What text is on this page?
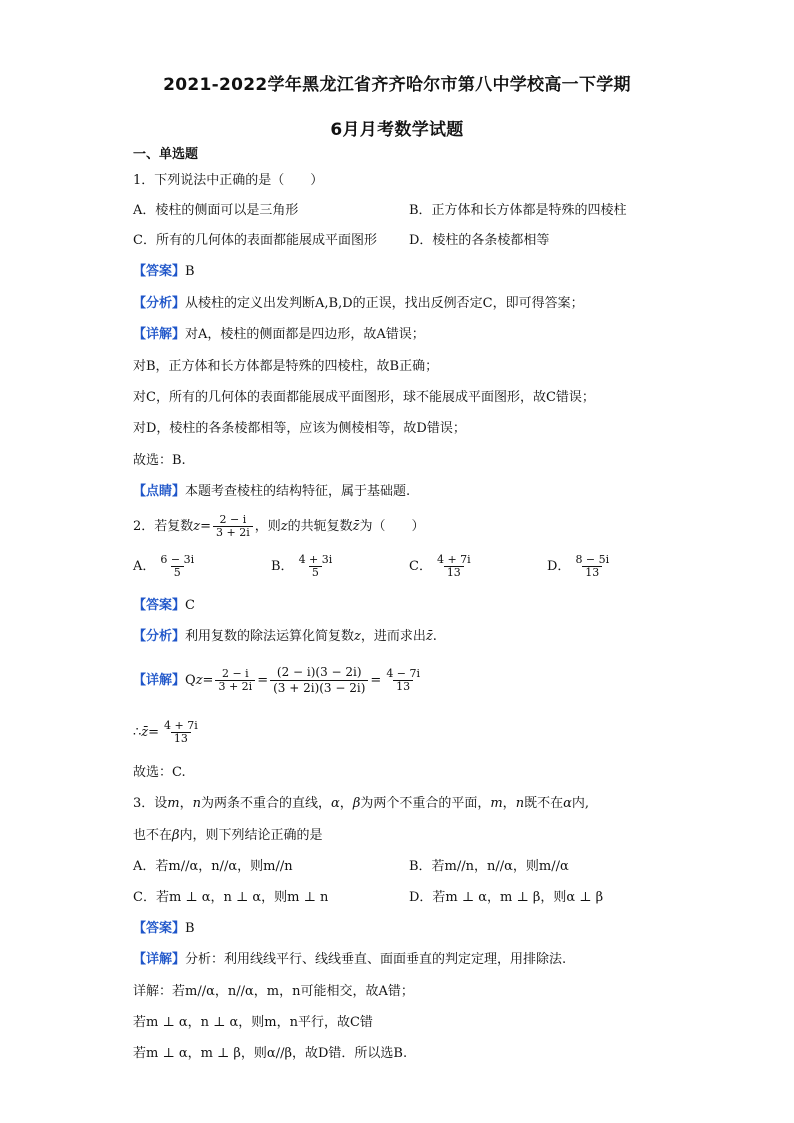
2021-2022学年黑龙江省齐齐哈尔市第八中学校高一下学期
6月月考数学试题
一、单选题
1．下列说法中正确的是（　　）
A．棱柱的侧面可以是三角形	B．正方体和长方体都是特殊的四棱柱
C．所有的几何体的表面都能展成平面图形 D．棱柱的各条棱都相等
【答案】B
【分析】从棱柱的定义出发判断A,B,D的正误，找出反例否定C，即可得答案；
【详解】对A，棱柱的侧面都是四边形，故A错误；
对B，正方体和长方体都是特殊的四棱柱，故B正确；
对C，所有的几何体的表面都能展成平面图形，球不能展成平面图形，故C错误；
对D，棱柱的各条棱都相等，应该为侧棱相等，故D错误；
故选：B.
【点睛】本题考查棱柱的结构特征，属于基础题.
2．若复数$z= \frac{2 - i}{3 + 2i}$ ，则z的共轭复数z̄为（　　）
A． $\frac{6 - 3i}{5}$	B． $\frac{4 + 3i}{5}$	C． $\frac{4 + 7i}{13}$	D． $\frac{8 - 5i}{13}$
【答案】C
【分析】利用复数的除法运算化简复数z，进而求出z̄.
【详解】$Qz= \frac{2 - i}{3 + 2i} = \frac{(2 - i)(3 - 2i)}{(3 + 2i)(3 - 2i)} = \frac{4 - 7i}{13}$
∴z̄= $\frac{4 + 7i}{13}$
故选：C.
3．设m，n为两条不重合的直线，α，β为两个不重合的平面，m，n既不在α内,
也不在β内，则下列结论正确的是
A．若m//α，n//α，则m//n	B．若m//n，n//α，则m//α
C．若m ⊥ α，n ⊥ α，则m ⊥ n	D．若m ⊥ α，m ⊥ β，则α ⊥ β
【答案】B
【详解】分析：利用线线平行、线线垂直、面面垂直的判定定理，用排除法.
详解：若m//α，n//α，m，n可能相交，故A错；
若m ⊥ α，n ⊥ α，则m，n平行，故C错
若m ⊥ α，m ⊥ β，则α//β，故D错．所以选B.
